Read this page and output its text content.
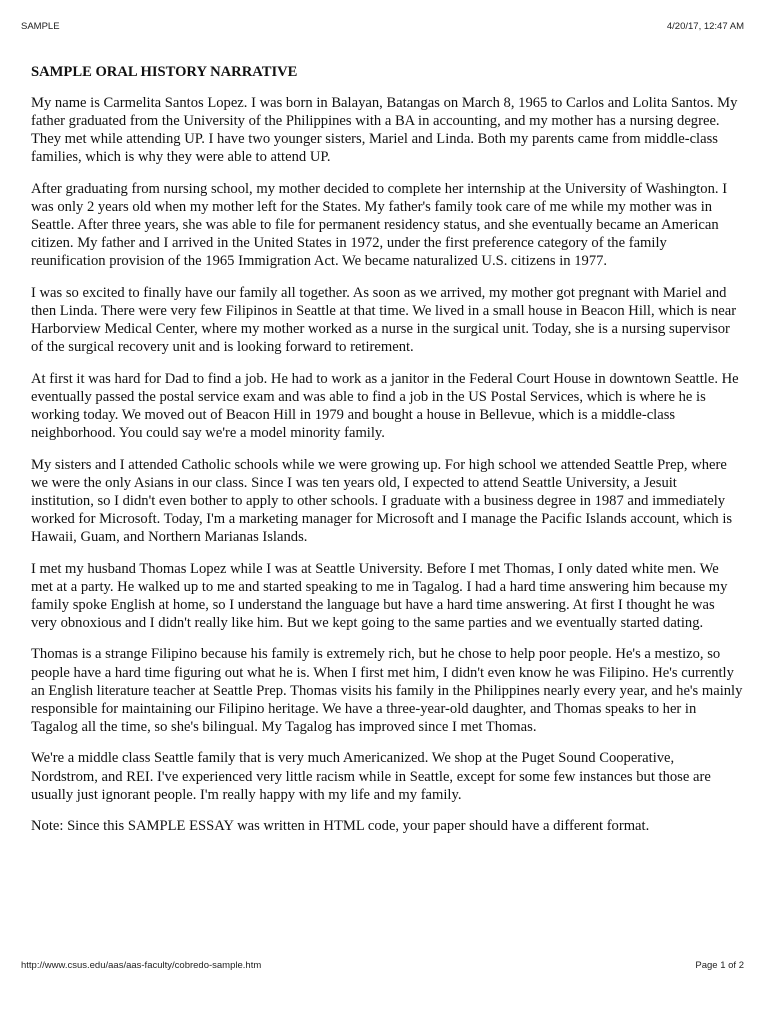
SAMPLE	4/20/17, 12:47 AM
SAMPLE ORAL HISTORY NARRATIVE

My name is Carmelita Santos Lopez. I was born in Balayan, Batangas on March 8, 1965 to Carlos and Lolita Santos. My father graduated from the University of the Philippines with a BA in accounting, and my mother has a nursing degree. They met while attending UP. I have two younger sisters, Mariel and Linda. Both my parents came from middle-class families, which is why they were able to attend UP.

After graduating from nursing school, my mother decided to complete her internship at the University of Washington. I was only 2 years old when my mother left for the States. My father's family took care of me while my mother was in Seattle. After three years, she was able to file for permanent residency status, and she eventually became an American citizen. My father and I arrived in the United States in 1972, under the first preference category of the family reunification provision of the 1965 Immigration Act. We became naturalized U.S. citizens in 1977.

I was so excited to finally have our family all together. As soon as we arrived, my mother got pregnant with Mariel and then Linda. There were very few Filipinos in Seattle at that time. We lived in a small house in Beacon Hill, which is near Harborview Medical Center, where my mother worked as a nurse in the surgical unit. Today, she is a nursing supervisor of the surgical recovery unit and is looking forward to retirement.

At first it was hard for Dad to find a job. He had to work as a janitor in the Federal Court House in downtown Seattle. He eventually passed the postal service exam and was able to find a job in the US Postal Services, which is where he is working today. We moved out of Beacon Hill in 1979 and bought a house in Bellevue, which is a middle-class neighborhood. You could say we're a model minority family.

My sisters and I attended Catholic schools while we were growing up. For high school we attended Seattle Prep, where we were the only Asians in our class. Since I was ten years old, I expected to attend Seattle University, a Jesuit institution, so I didn't even bother to apply to other schools. I graduate with a business degree in 1987 and immediately worked for Microsoft. Today, I'm a marketing manager for Microsoft and I manage the Pacific Islands account, which is Hawaii, Guam, and Northern Marianas Islands.

I met my husband Thomas Lopez while I was at Seattle University. Before I met Thomas, I only dated white men. We met at a party. He walked up to me and started speaking to me in Tagalog. I had a hard time answering him because my family spoke English at home, so I understand the language but have a hard time answering. At first I thought he was very obnoxious and I didn't really like him. But we kept going to the same parties and we eventually started dating.

Thomas is a strange Filipino because his family is extremely rich, but he chose to help poor people. He's a mestizo, so people have a hard time figuring out what he is. When I first met him, I didn't even know he was Filipino. He's currently an English literature teacher at Seattle Prep. Thomas visits his family in the Philippines nearly every year, and he's mainly responsible for maintaining our Filipino heritage. We have a three-year-old daughter, and Thomas speaks to her in Tagalog all the time, so she's bilingual. My Tagalog has improved since I met Thomas.

We're a middle class Seattle family that is very much Americanized. We shop at the Puget Sound Cooperative, Nordstrom, and REI. I've experienced very little racism while in Seattle, except for some few instances but those are usually just ignorant people. I'm really happy with my life and my family.

Note: Since this SAMPLE ESSAY was written in HTML code, your paper should have a different format.

http://www.csus.edu/aas/aas-faculty/cobredo-sample.htm	Page 1 of 2
